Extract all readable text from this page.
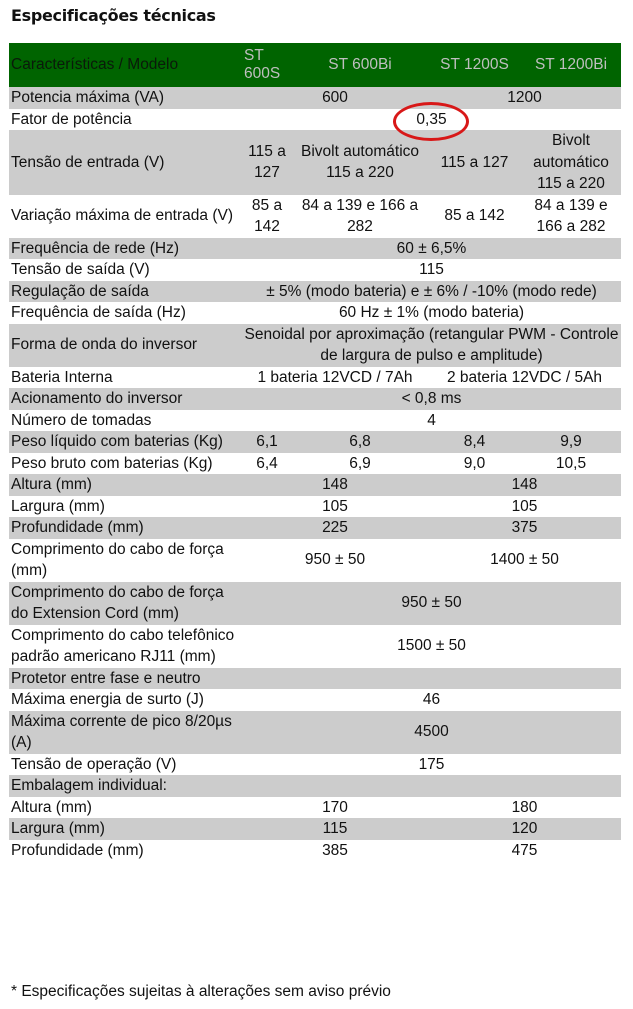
Especificações técnicas
Características / Modelo	ST 600S	ST 600Bi	ST 1200S	ST 1200Bi
Potencia máxima (VA)	600		1200	
Fator de potência	0,35			
Tensão de entrada (V)	115 a 127	Bivolt automático 115 a 220	115 a 127	Bivolt automático 115 a 220
Variação máxima de entrada (V)	85 a 142	84 a 139 e 166 a 282	85 a 142	84 a 139 e 166 a 282
Frequência de rede (Hz)	60 ± 6,5%			
Tensão de saída (V)	115			
Regulação de saída	± 5% (modo bateria) e ± 6% / -10% (modo rede)			
Frequência de saída (Hz)	60 Hz ± 1% (modo bateria)			
Forma de onda do inversor	Senoidal por aproximação (retangular PWM - Controle de largura de pulso e amplitude)			
Bateria Interna	1 bateria 12VCD / 7Ah		2 bateria 12VDC / 5Ah	
Acionamento do inversor	< 0,8 ms			
Número de tomadas	4			
Peso líquido com baterias (Kg)	6,1	6,8	8,4	9,9
Peso bruto com baterias (Kg)	6,4	6,9	9,0	10,5
Altura (mm)	148		148	
Largura (mm)	105		105	
Profundidade (mm)	225		375	
Comprimento do cabo de força (mm)	950 ± 50		1400 ± 50	
Comprimento do cabo de força do Extension Cord (mm)	950 ± 50			
Comprimento do cabo telefônico padrão americano RJ11 (mm)	1500 ± 50			
Protetor entre fase e neutro				
Máxima energia de surto (J)	46			
Máxima corrente de pico 8/20µs (A)	4500			
Tensão de operação (V)	175			
Embalagem individual:				
Altura (mm)	170		180	
Largura (mm)	115		120	
Profundidade (mm)	385		475	
* Especificações sujeitas à alterações sem aviso prévio
